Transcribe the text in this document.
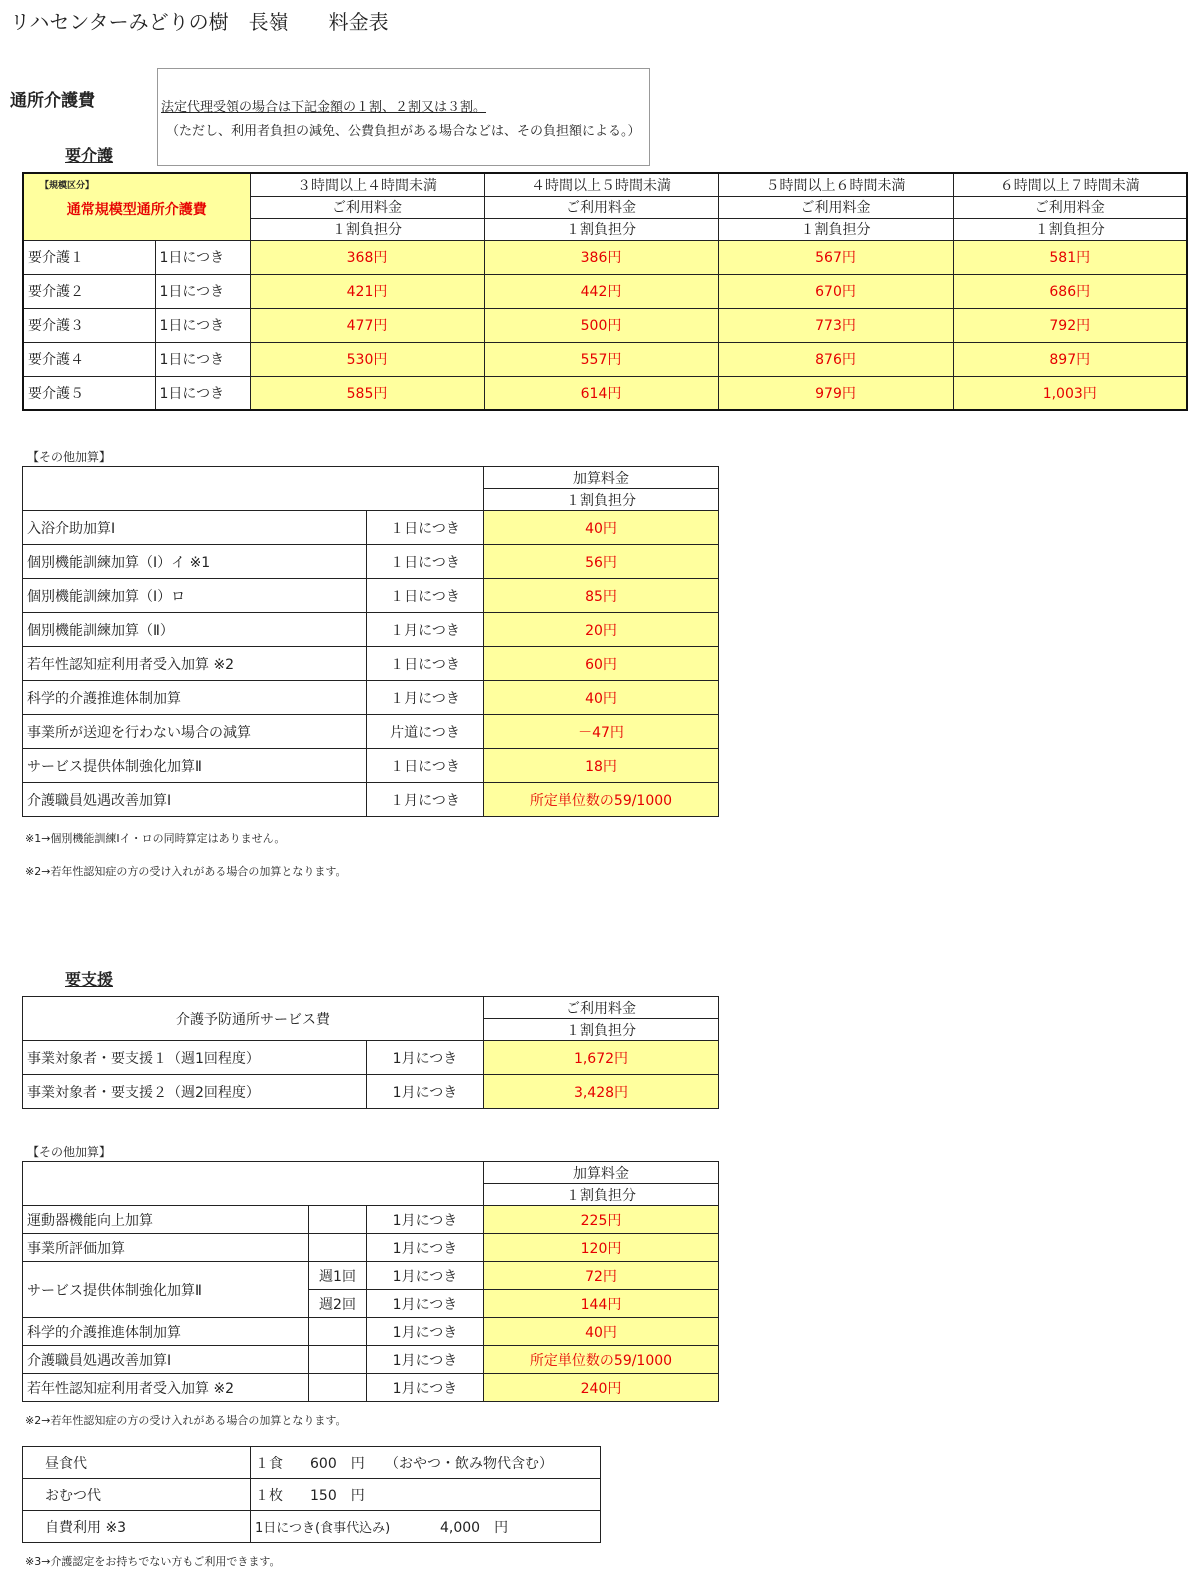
リハセンターみどりの樹　長嶺　　料金表
通所介護費	法定代理受領の場合は下記金額の１割、２割又は３割。
（ただし、利用者負担の減免、公費負担がある場合などは、その負担額による。）
要介護
【規模区分】
通常規模型通所介護費		３時間以上４時間未満	４時間以上５時間未満	５時間以上６時間未満	６時間以上７時間未満
		ご利用料金	ご利用料金	ご利用料金	ご利用料金
		１割負担分	１割負担分	１割負担分	１割負担分
要介護１	1日につき	368円	386円	567円	581円
要介護２	1日につき	421円	442円	670円	686円
要介護３	1日につき	477円	500円	773円	792円
要介護４	1日につき	530円	557円	876円	897円
要介護５	1日につき	585円	614円	979円	1,003円
【その他加算】
		加算料金
		１割負担分
入浴介助加算Ⅰ	１日につき	40円
個別機能訓練加算（Ⅰ）イ ※1	１日につき	56円
個別機能訓練加算（Ⅰ）ロ	１日につき	85円
個別機能訓練加算（Ⅱ）	１月につき	20円
若年性認知症利用者受入加算 ※2	１日につき	60円
科学的介護推進体制加算	１月につき	40円
事業所が送迎を行わない場合の減算	片道につき	－47円
サービス提供体制強化加算Ⅱ	１日につき	18円
介護職員処遇改善加算Ⅰ	１月につき	所定単位数の59/1000
※1→個別機能訓練Ⅰイ・ロの同時算定はありません。
※2→若年性認知症の方の受け入れがある場合の加算となります。
要支援
介護予防通所サービス費		ご利用料金
		１割負担分
事業対象者・要支援１（週1回程度）	1月につき	1,672円
事業対象者・要支援２（週2回程度）	1月につき	3,428円
【その他加算】
			加算料金
			１割負担分
運動器機能向上加算		1月につき	225円
事業所評価加算		1月につき	120円
サービス提供体制強化加算Ⅱ	週1回	1月につき	72円
	週2回	1月につき	144円
科学的介護推進体制加算		1月につき	40円
介護職員処遇改善加算Ⅰ		1月につき	所定単位数の59/1000
若年性認知症利用者受入加算 ※2		1月につき	240円
※2→若年性認知症の方の受け入れがある場合の加算となります。
昼食代	１食 600　円 （おやつ・飲み物代含む）
おむつ代	１枚 150　円
自費利用 ※3	1日につき(食事代込み) 4,000　円
※3→介護認定をお持ちでない方もご利用できます。
